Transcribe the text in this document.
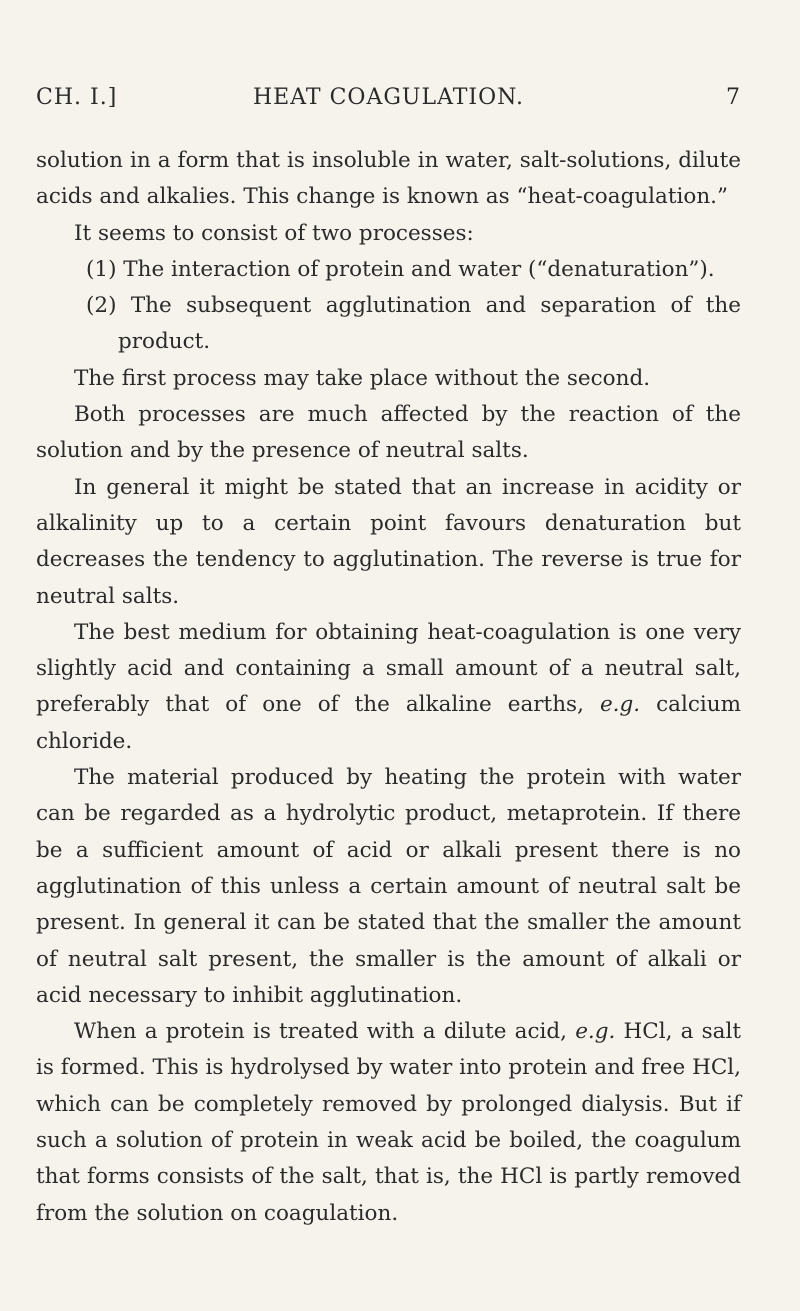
CH. I.]	HEAT COAGULATION.	7

solution in a form that is insoluble in water, salt-solutions, dilute acids and alkalies. This change is known as “heat-coagulation.”

It seems to consist of two processes:

(1) The interaction of protein and water (“denaturation”).

(2) The subsequent agglutination and separation of the product.

The first process may take place without the second.

Both processes are much affected by the reaction of the solution and by the presence of neutral salts.

In general it might be stated that an increase in acidity or alkalinity up to a certain point favours denaturation but decreases the tendency to agglutination. The reverse is true for neutral salts.

The best medium for obtaining heat-coagulation is one very slightly acid and containing a small amount of a neutral salt, preferably that of one of the alkaline earths, e.g. calcium chloride.

The material produced by heating the protein with water can be regarded as a hydrolytic product, metaprotein. If there be a sufficient amount of acid or alkali present there is no agglutination of this unless a certain amount of neutral salt be present. In general it can be stated that the smaller the amount of neutral salt present, the smaller is the amount of alkali or acid necessary to inhibit agglutination.

When a protein is treated with a dilute acid, e.g. HCl, a salt is formed. This is hydrolysed by water into protein and free HCl, which can be completely removed by prolonged dialysis. But if such a solution of protein in weak acid be boiled, the coagulum that forms consists of the salt, that is, the HCl is partly removed from the solution on coagulation.
